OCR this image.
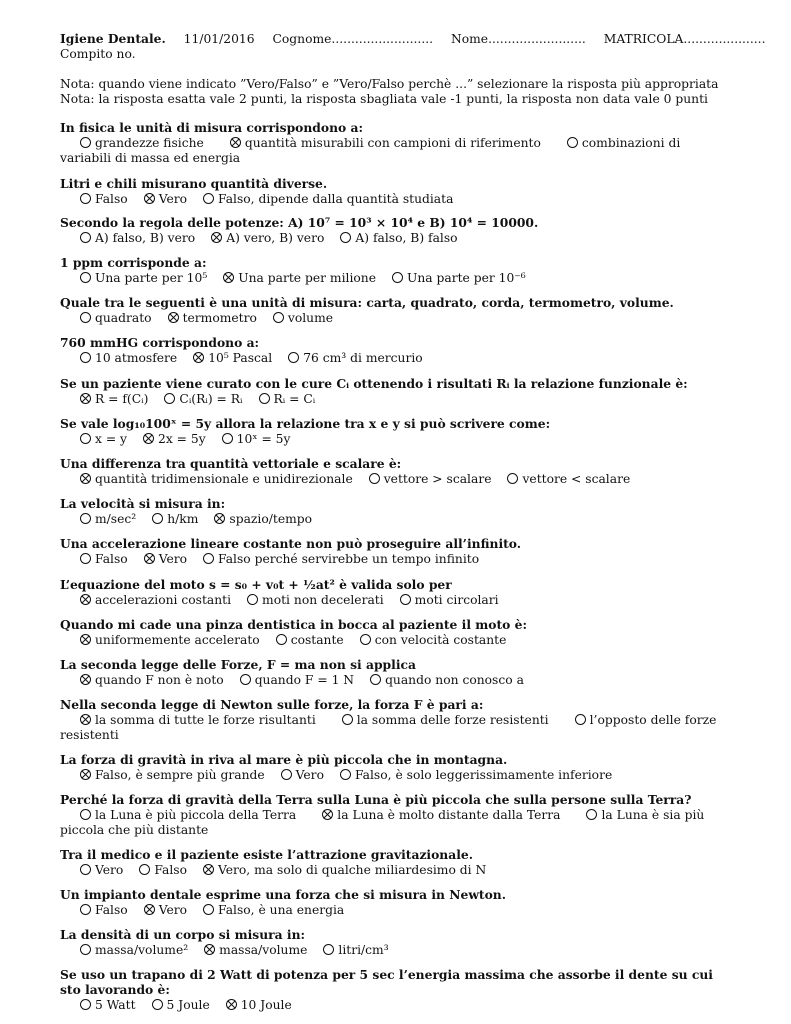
Igiene Dentale. 11/01/2016 Cognome.......................... Nome......................... MATRICOLA.....................
Compito no.
Nota: quando viene indicato ”Vero/Falso” e ”Vero/Falso perchè ...” selezionare la risposta più appropriata
Nota: la risposta esatta vale 2 punti, la risposta sbagliata vale -1 punti, la risposta non data vale 0 punti
In fisica le unità di misura corrispondono a:
grandezze fisiche	quantità misurabili con campioni di riferimento	combinazioni di variabili di massa ed energia
Litri e chili misurano quantità diverse.
Falso	Vero	Falso, dipende dalla quantità studiata
Secondo la regola delle potenze: A) 10⁷ = 10³ × 10⁴ e B) 10⁴ = 10000.
A) falso, B) vero	A) vero, B) vero	A) falso, B) falso
1 ppm corrisponde a:
Una parte per 10⁵	Una parte per milione	Una parte per 10⁻⁶
Quale tra le seguenti è una unità di misura: carta, quadrato, corda, termometro, volume.
quadrato	termometro	volume
760 mmHG corrispondono a:
10 atmosfere	10⁵ Pascal	76 cm³ di mercurio
Se un paziente viene curato con le cure Cᵢ ottenendo i risultati Rᵢ la relazione funzionale è:
R = f(Cᵢ)	Cᵢ(Rᵢ) = Rᵢ	Rᵢ = Cᵢ
Se vale log₁₀100ˣ = 5y allora la relazione tra x e y si può scrivere come:
x = y	2x = 5y	10ˣ = 5y
Una differenza tra quantità vettoriale e scalare è:
quantità tridimensionale e unidirezionale	vettore > scalare	vettore < scalare
La velocità si misura in:
m/sec²	h/km	spazio/tempo
Una accelerazione lineare costante non può proseguire all’infinito.
Falso	Vero	Falso perché servirebbe un tempo infinito
L’equazione del moto s = s₀ + v₀t + ½at² è valida solo per
accelerazioni costanti	moti non decelerati	moti circolari
Quando mi cade una pinza dentistica in bocca al paziente il moto è:
uniformemente accelerato	costante	con velocità costante
La seconda legge delle Forze, F = ma non si applica
quando F non è noto	quando F = 1 N	quando non conosco a
Nella seconda legge di Newton sulle forze, la forza F è pari a:
la somma di tutte le forze risultanti	la somma delle forze resistenti	l’opposto delle forze resistenti
La forza di gravità in riva al mare è più piccola che in montagna.
Falso, è sempre più grande	Vero	Falso, è solo leggerissimamente inferiore
Perché la forza di gravità della Terra sulla Luna è più piccola che sulla persone sulla Terra?
la Luna è più piccola della Terra	la Luna è molto distante dalla Terra	la Luna è sia più piccola che più distante
Tra il medico e il paziente esiste l’attrazione gravitazionale.
Vero	Falso	Vero, ma solo di qualche miliardesimo di N
Un impianto dentale esprime una forza che si misura in Newton.
Falso	Vero	Falso, è una energia
La densità di un corpo si misura in:
massa/volume²	massa/volume	litri/cm³
Se uso un trapano di 2 Watt di potenza per 5 sec l’energia massima che assorbe il dente su cui sto lavorando è:
5 Watt	5 Joule	10 Joule
